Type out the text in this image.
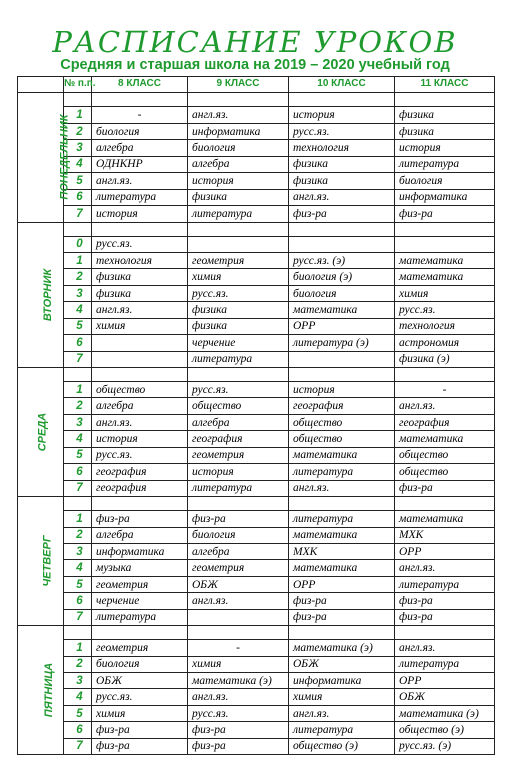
РАСПИСАНИЕ УРОКОВ
Средняя и старшая школа на 2019 – 2020 учебный год
	№ п.п.	8 КЛАСС	9 КЛАСС	10 КЛАСС	11 КЛАСС
ПОНЕДЕЛЬНИК					
	1	-	англ.яз.	история	физика
	2	биология	информатика	русс.яз.	физика
	3	алгебра	биология	технология	история
	4	ОДНКНР	алгебра	физика	литература
	5	англ.яз.	история	физика	биология
	6	литература	физика	англ.яз.	информатика
	7	история	литература	физ-ра	физ-ра
ВТОРНИК					
	0	русс.яз.			
	1	технология	геометрия	русс.яз. (э)	математика
	2	физика	химия	биология (э)	математика
	3	физика	русс.яз.	биология	химия
	4	англ.яз.	физика	математика	русс.яз.
	5	химия	физика	ОРР	технология
	6		черчение	литература (э)	астрономия
	7		литература		физика (э)
СРЕДА					
	1	общество	русс.яз.	история	-
	2	алгебра	общество	география	англ.яз.
	3	англ.яз.	алгебра	общество	география
	4	история	география	общество	математика
	5	русс.яз.	геометрия	математика	общество
	6	география	история	литература	общество
	7	география	литература	англ.яз.	физ-ра
ЧЕТВЕРГ					
	1	физ-ра	физ-ра	литература	математика
	2	алгебра	биология	математика	МХК
	3	информатика	алгебра	МХК	ОРР
	4	музыка	геометрия	математика	англ.яз.
	5	геометрия	ОБЖ	ОРР	литература
	6	черчение	англ.яз.	физ-ра	физ-ра
	7	литература		физ-ра	физ-ра
ПЯТНИЦА					
	1	геометрия	-	математика (э)	англ.яз.
	2	биология	химия	ОБЖ	литература
	3	ОБЖ	математика (э)	информатика	ОРР
	4	русс.яз.	англ.яз.	химия	ОБЖ
	5	химия	русс.яз.	англ.яз.	математика (э)
	6	физ-ра	физ-ра	литература	общество (э)
	7	физ-ра	физ-ра	общество (э)	русс.яз. (э)
